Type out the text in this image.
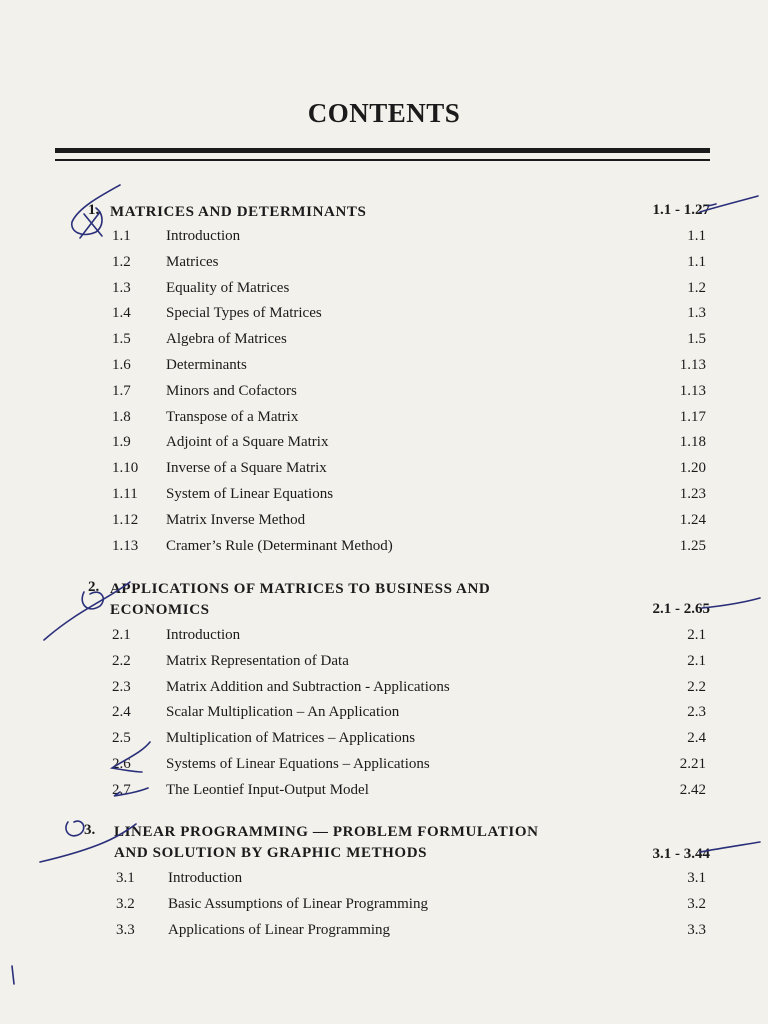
CONTENTS
1. MATRICES AND DETERMINANTS	1.1 - 1.27
1.1 Introduction	1.1
1.2 Matrices	1.1
1.3 Equality of Matrices	1.2
1.4 Special Types of Matrices	1.3
1.5 Algebra of Matrices	1.5
1.6 Determinants	1.13
1.7 Minors and Cofactors	1.13
1.8 Transpose of a Matrix	1.17
1.9 Adjoint of a Square Matrix	1.18
1.10 Inverse of a Square Matrix	1.20
1.11 System of Linear Equations	1.23
1.12 Matrix Inverse Method	1.24
1.13 Cramer’s Rule (Determinant Method)	1.25
2. APPLICATIONS OF MATRICES TO BUSINESS AND
ECONOMICS	2.1 - 2.65
2.1 Introduction	2.1
2.2 Matrix Representation of Data	2.1
2.3 Matrix Addition and Subtraction - Applications	2.2
2.4 Scalar Multiplication – An Application	2.3
2.5 Multiplication of Matrices – Applications	2.4
2.6 Systems of Linear Equations – Applications	2.21
2.7 The Leontief Input-Output Model	2.42
3. LINEAR PROGRAMMING — PROBLEM FORMULATION
AND SOLUTION BY GRAPHIC METHODS	3.1 - 3.44
3.1 Introduction	3.1
3.2 Basic Assumptions of Linear Programming	3.2
3.3 Applications of Linear Programming	3.3
